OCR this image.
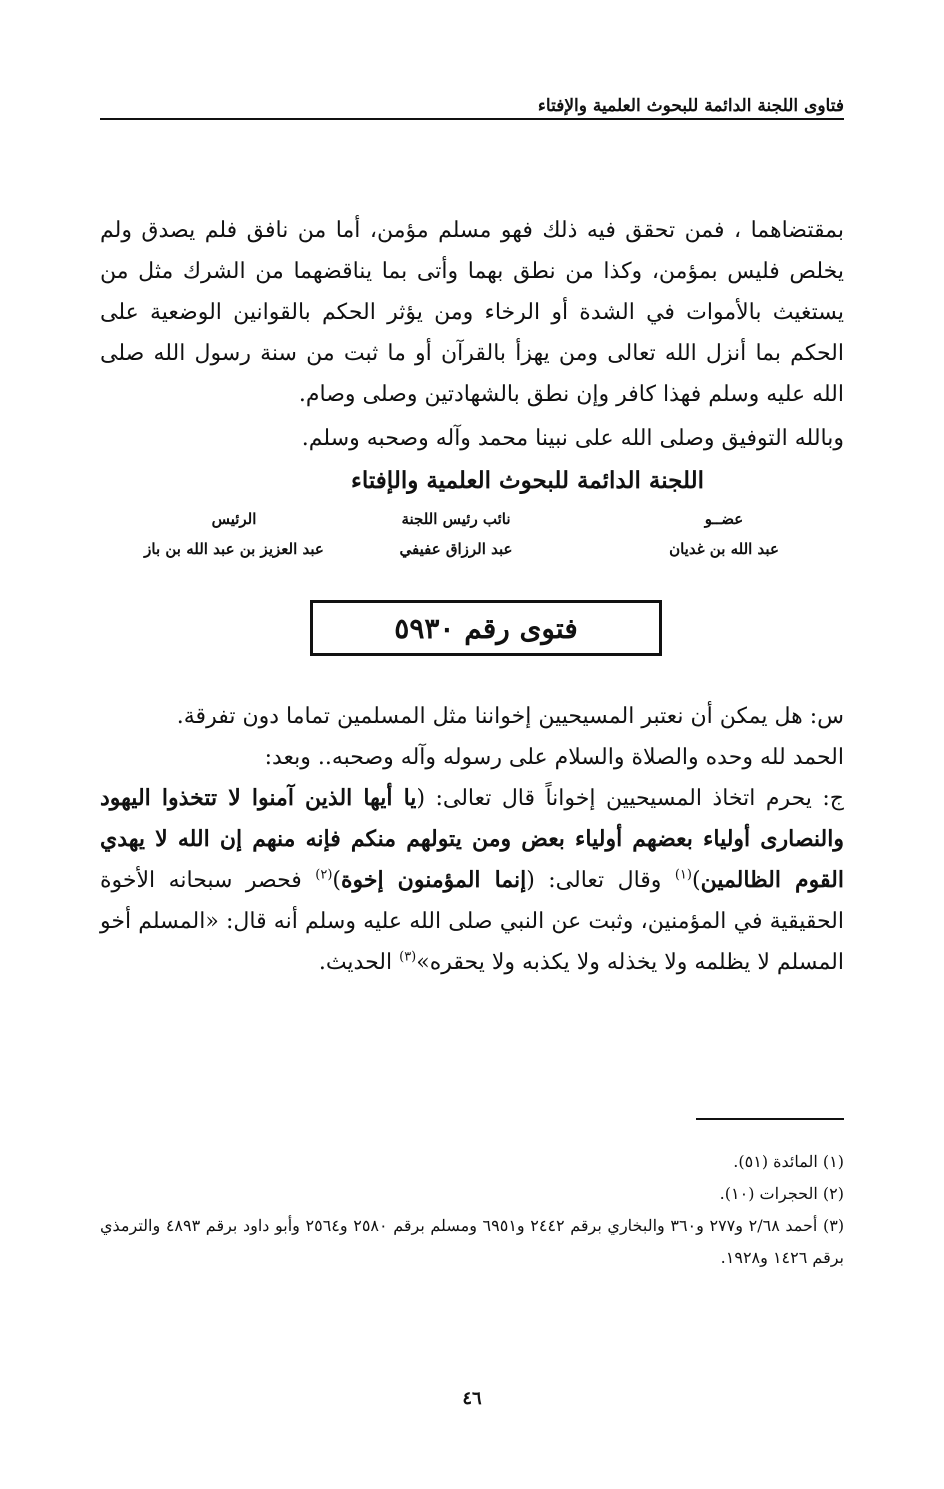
فتاوى اللجنة الدائمة للبحوث العلمية والإفتاء

بمقتضاهما ، فمن تحقق فيه ذلك فهو مسلم مؤمن، أما من نافق فلم يصدق ولم يخلص فليس بمؤمن، وكذا من نطق بهما وأتى بما يناقضهما من الشرك مثل من يستغيث بالأموات في الشدة أو الرخاء ومن يؤثر الحكم بالقوانين الوضعية على الحكم بما أنزل الله تعالى ومن يهزأ بالقرآن أو ما ثبت من سنة رسول الله صلى الله عليه وسلم فهذا كافر وإن نطق بالشهادتين وصلى وصام.

وبالله التوفيق وصلى الله على نبينا محمد وآله وصحبه وسلم.
اللجنة الدائمة للبحوث العلمية والإفتاء
عضــو
عبد الله بن غديان
نائب رئيس اللجنة
عبد الرزاق عفيفي
الرئيس
عبد العزيز بن عبد الله بن باز
فتوى رقم ٥٩٣٠
س: هل يمكن أن نعتبر المسيحيين إخواننا مثل المسلمين تماما دون تفرقة.
الحمد لله وحده والصلاة والسلام على رسوله وآله وصحبه.. وبعد:
ج: يحرم اتخاذ المسيحيين إخواناً قال تعالى: (يا أيها الذين آمنوا لا تتخذوا اليهود والنصارى أولياء بعضهم أولياء بعض ومن يتولهم منكم فإنه منهم إن الله لا يهدي القوم الظالمين)$^{(١)}$ وقال تعالى: (إنما المؤمنون إخوة)$^{(٢)}$ فحصر سبحانه الأخوة الحقيقية في المؤمنين، وثبت عن النبي صلى الله عليه وسلم أنه قال: «المسلم أخو المسلم لا يظلمه ولا يخذله ولا يكذبه ولا يحقره»$^{(٣)}$ الحديث.
(١) المائدة (٥١).
(٢) الحجرات (١٠).
(٣) أحمد ٢/٦٨ و٢٧٧ و٣٦٠ والبخاري برقم ٢٤٤٢ و٦٩٥١ ومسلم برقم ٢٥٨٠ و٢٥٦٤ وأبو داود برقم ٤٨٩٣ والترمذي برقم ١٤٢٦ و١٩٢٨.
٤٦
